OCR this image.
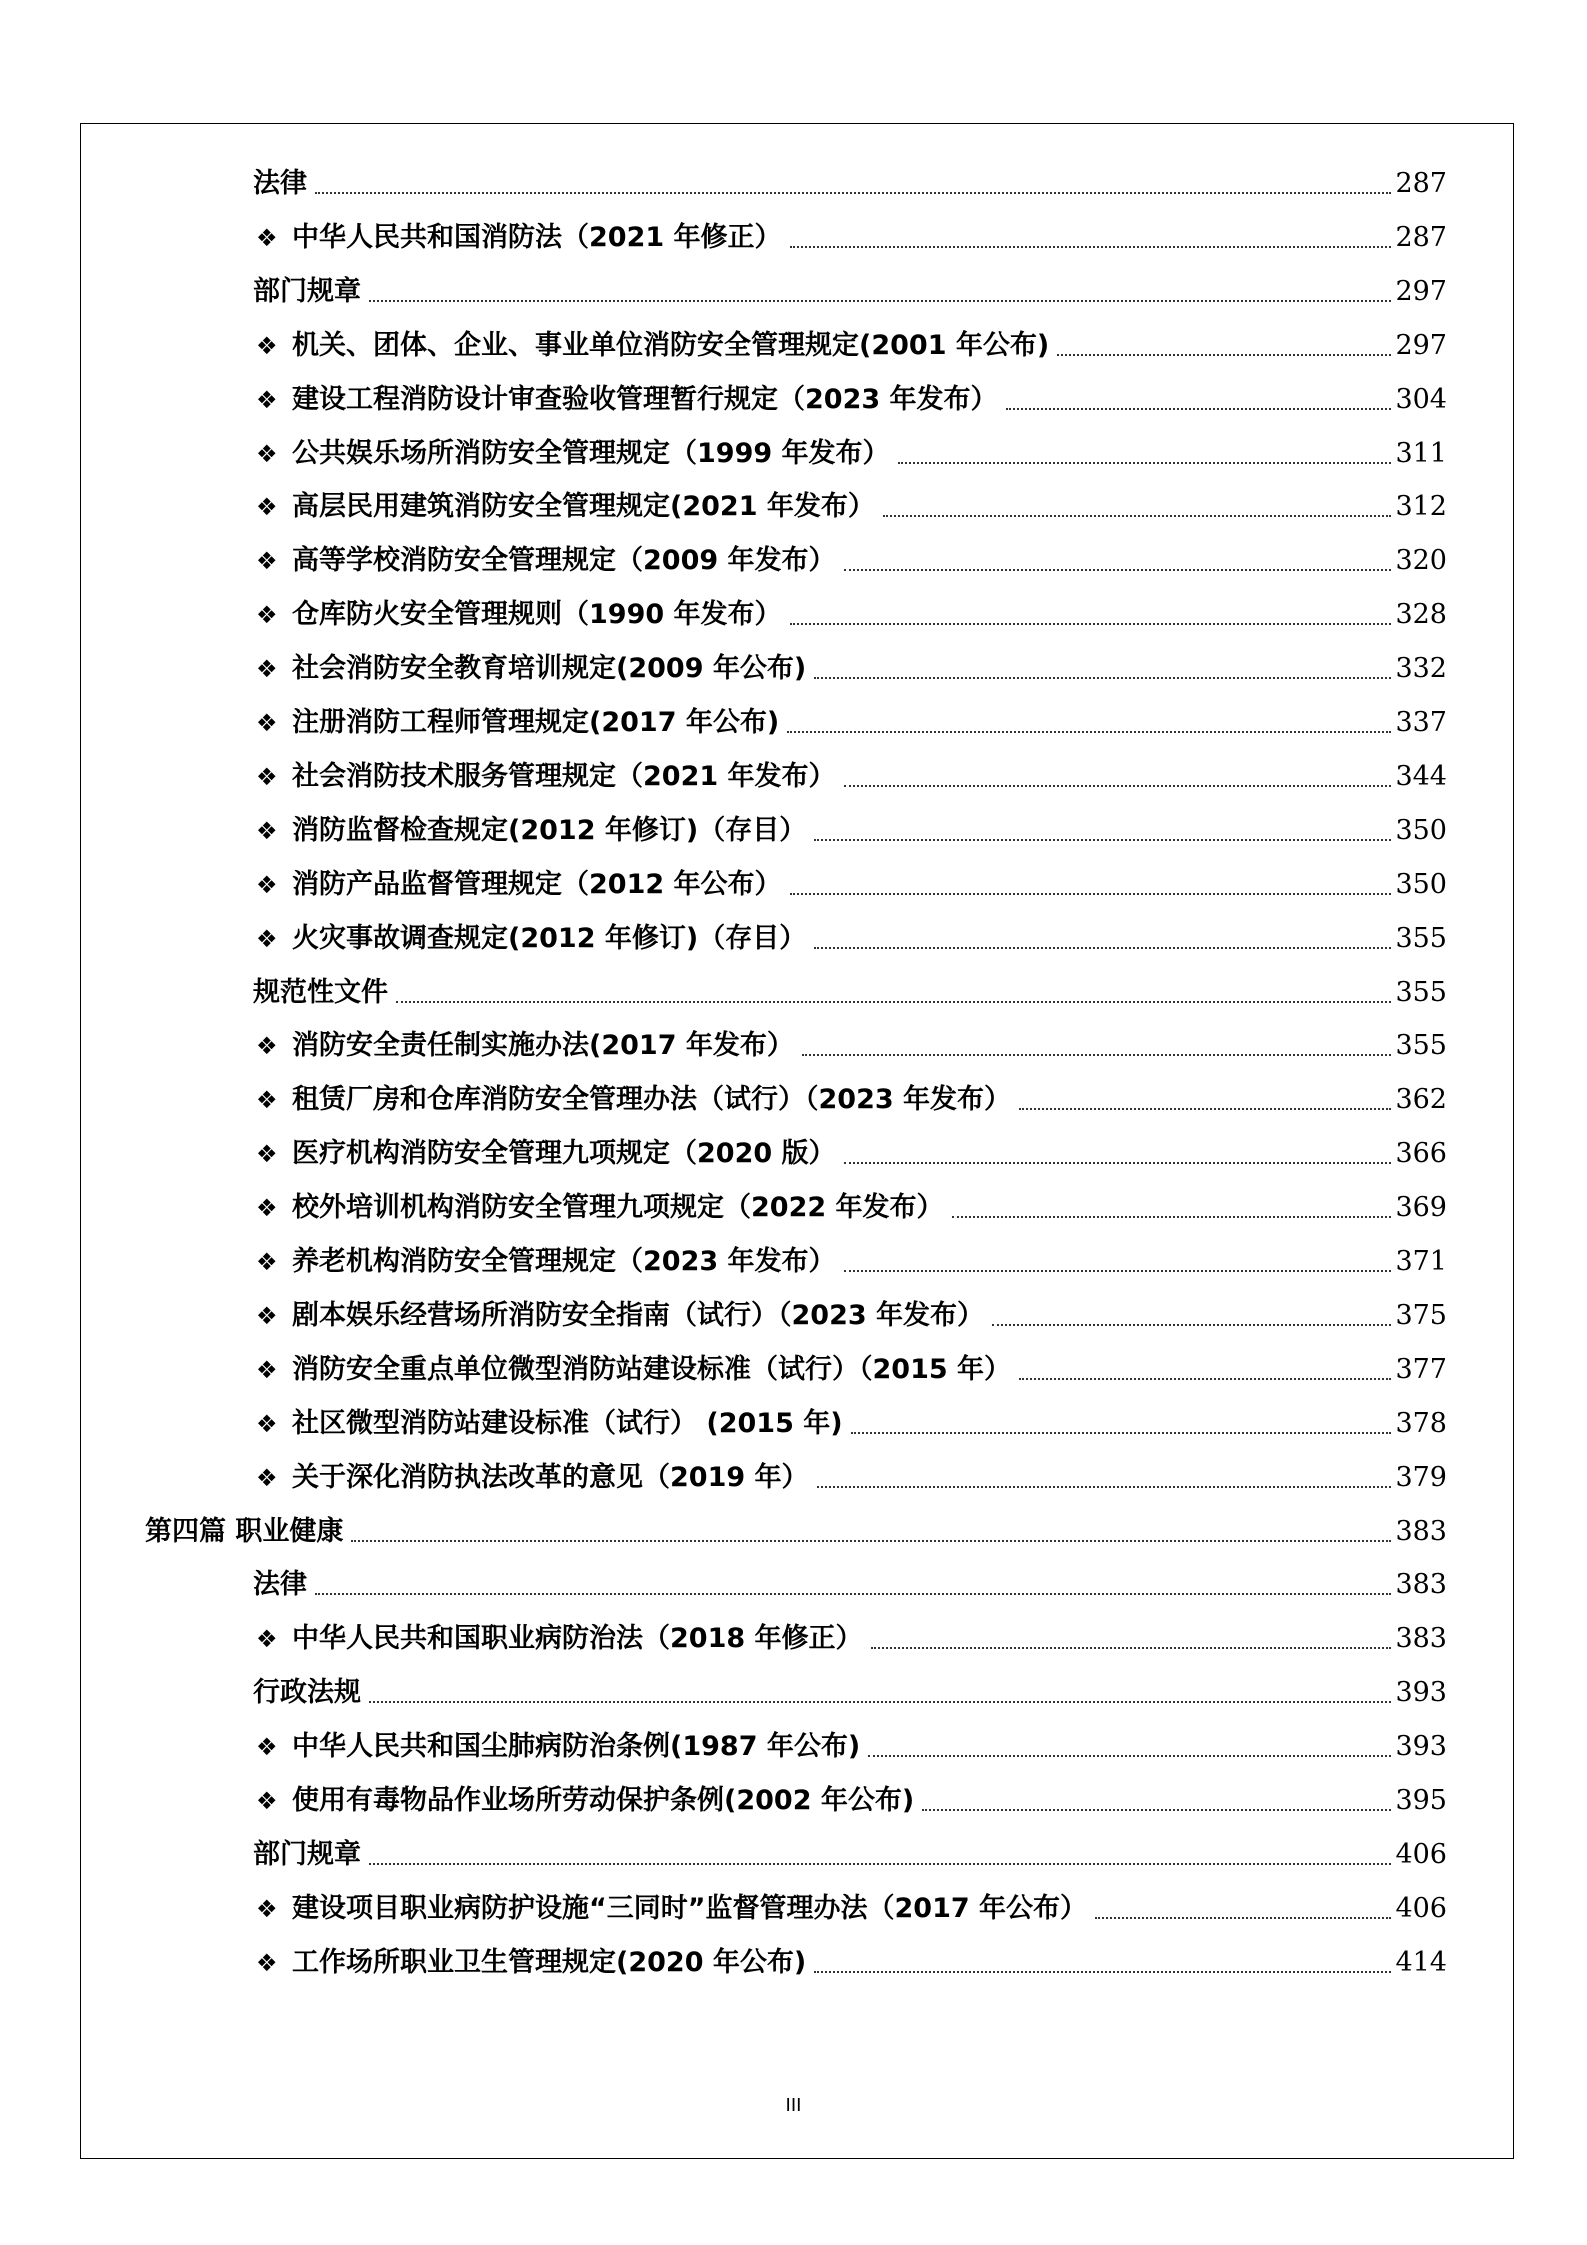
法律	287
❖ 中华人民共和国消防法（2021 年修正）	287
部门规章	297
❖ 机关、团体、企业、事业单位消防安全管理规定(2001 年公布)	297
❖ 建设工程消防设计审查验收管理暂行规定（2023 年发布）	304
❖ 公共娱乐场所消防安全管理规定（1999 年发布）	311
❖ 高层民用建筑消防安全管理规定(2021 年发布）	312
❖ 高等学校消防安全管理规定（2009 年发布）	320
❖ 仓库防火安全管理规则（1990 年发布）	328
❖ 社会消防安全教育培训规定(2009 年公布)	332
❖ 注册消防工程师管理规定(2017 年公布)	337
❖ 社会消防技术服务管理规定（2021 年发布）	344
❖ 消防监督检查规定(2012 年修订)（存目）	350
❖ 消防产品监督管理规定（2012 年公布）	350
❖ 火灾事故调查规定(2012 年修订)（存目）	355
规范性文件	355
❖ 消防安全责任制实施办法(2017 年发布）	355
❖ 租赁厂房和仓库消防安全管理办法（试行）（2023 年发布）	362
❖ 医疗机构消防安全管理九项规定（2020 版）	366
❖ 校外培训机构消防安全管理九项规定（2022 年发布）	369
❖ 养老机构消防安全管理规定（2023 年发布）	371
❖ 剧本娱乐经营场所消防安全指南（试行）（2023 年发布）	375
❖ 消防安全重点单位微型消防站建设标准（试行）（2015 年）	377
❖ 社区微型消防站建设标准（试行） (2015 年)	378
❖ 关于深化消防执法改革的意见（2019 年）	379
第四篇 职业健康	383
法律	383
❖ 中华人民共和国职业病防治法（2018 年修正）	383
行政法规	393
❖ 中华人民共和国尘肺病防治条例(1987 年公布)	393
❖ 使用有毒物品作业场所劳动保护条例(2002 年公布)	395
部门规章	406
❖ 建设项目职业病防护设施“三同时”监督管理办法（2017 年公布）	406
❖ 工作场所职业卫生管理规定(2020 年公布)	414
III
